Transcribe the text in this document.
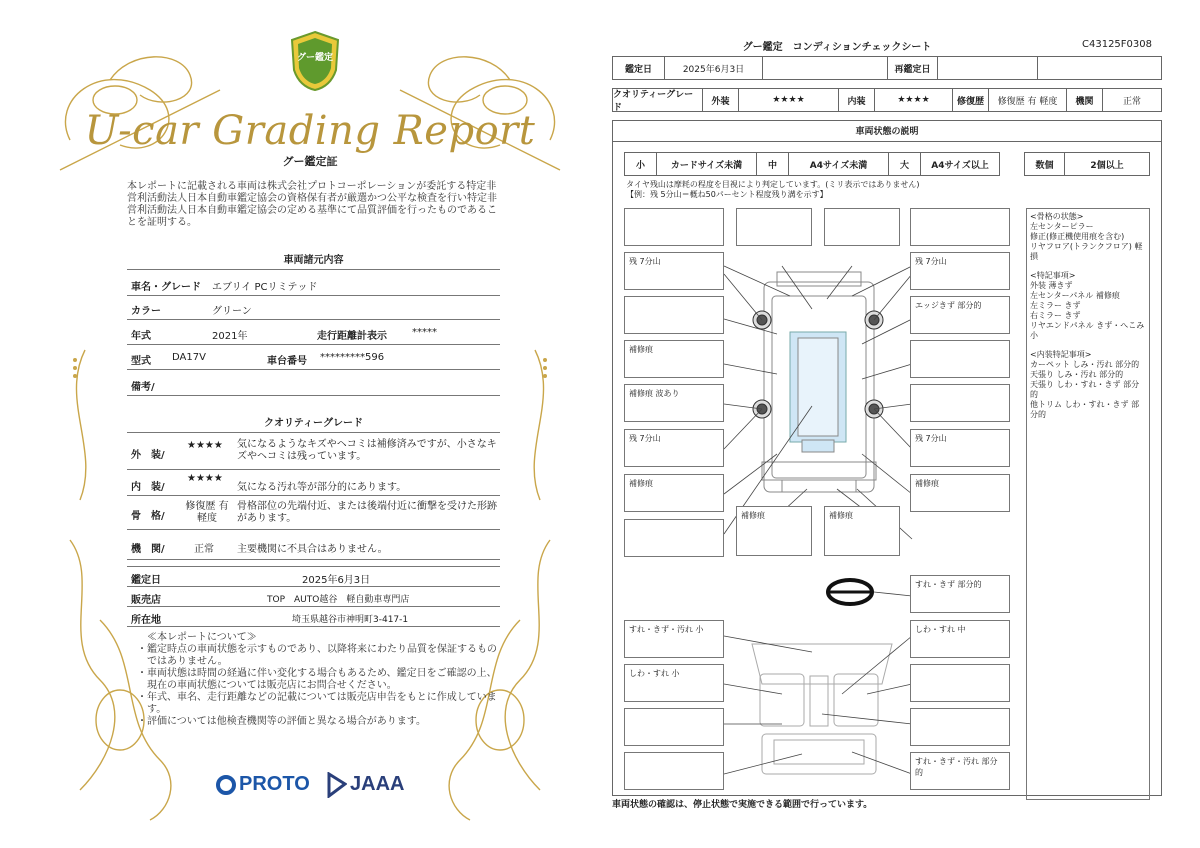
グー鑑定
U-car Grading Report
グー鑑定証
本レポートに記載される車両は株式会社プロトコーポレーションが委託する特定非営利活動法人日本自動車鑑定協会の資格保有者が厳選かつ公平な検査を行い特定非営利活動法人日本自動車鑑定協会の定める基準にて品質評価を行ったものであることを証明する。
車両諸元内容
車名・グレード エブリイ PCリミテッド
カラー	グリーン
年式	2021年	走行距離計表示	*****
型式 DA17V	車台番号 *********596
備考/
クオリティーグレード
外　装/
★★★★ 気になるようなキズやヘコミは補修済みですが、小さなキズやヘコミは残っています。
内　装/
★★★★
気になる汚れ等が部分的にあります。
骨　格/
修復歴 有 軽度
骨格部位の先端付近、または後端付近に衝撃を受けた形跡があります。
機　関/	正常 主要機関に不具合はありません。
鑑定日	2025年6月3日
販売店	TOP　AUTO越谷　軽自動車専門店
所在地	埼玉県越谷市神明町3-417-1
≪本レポートについて≫
・鑑定時点の車両状態を示すものであり、以降将来にわたり品質を保証するものではありません。
・車両状態は時間の経過に伴い変化する場合もあるため、鑑定日をご確認の上、現在の車両状態については販売店にお問合せください。
・年式、車名、走行距離などの記載については販売店申告をもとに作成しています。
・評価については他検査機関等の評価と異なる場合があります。
PROTO JAAA
グー鑑定　コンディションチェックシート	C43125F0308
鑑定日	2025年6月3日	再鑑定日
クオリティーグレード
外装	★★★★	内装	★★★★	修復歴	修復歴 有 軽度	機関	正常
車両状態の説明
小	カードサイズ未満	中	A4サイズ未満	大	A4サイズ以上	数個	2個以上
タイヤ残山は摩耗の程度を目視により判定しています。(ミリ表示ではありません)
【例：残 5分山＝概ね50パーセント程度残り溝を示す】
残 7分山
補修痕
補修痕 波あり
残 7分山
補修痕
残 7分山
エッジきず 部分的
残 7分山
補修痕
補修痕	補修痕
すれ・きず 部分的
すれ・きず・汚れ 小	しわ・すれ 中
しわ・すれ 小
すれ・きず・汚れ 部分的
<骨格の状態>
左センターピラー
修正(修正機使用痕を含む)
リヤフロア(トランクフロア) 軽損
<特記事項>
外装 薄きず
左センターパネル 補修痕
左ミラー きず
右ミラー きず
リヤエンドパネル きず・へこみ 小
<内装特記事項>
カーペット しみ・汚れ 部分的
天張り しみ・汚れ 部分的
天張り しわ・すれ・きず 部分的
他トリム しわ・すれ・きず 部分的
車両状態の確認は、停止状態で実施できる範囲で行っています。
